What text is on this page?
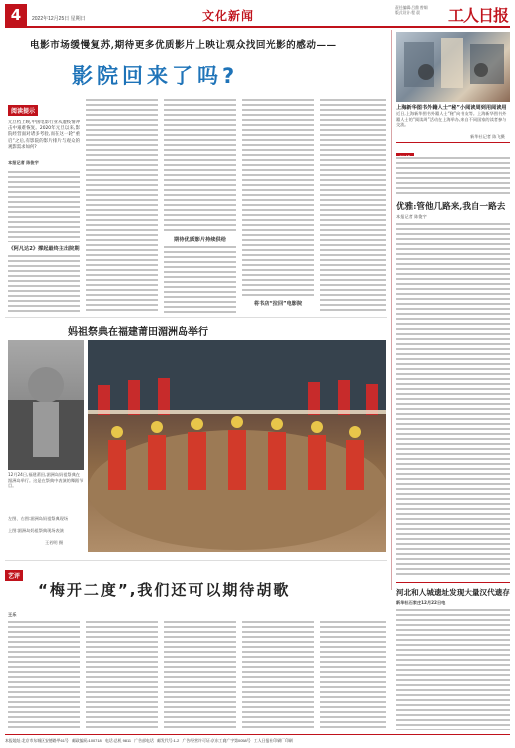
4	2022年12月25日 星期日	文化新闻
责任编辑:吕鼎 曾炯
版式设计:程 晨	工人日报
电影市场缓慢复苏,期待更多优质影片上映让观众找回光影的感动——
影院回来了吗?
阅读提示
元旦档上映,中国电影行业从遭疫情冲击中艰难恢复。2020年元旦以来,影院经营面对诸多考验,而在这一轮“重启”之后,有影院的影片排片与观众的观影需求如何?
本报记者 陈俊宇
《阿凡达2》撑起最终主出院期
期待优质影片持续供给
将书店“拉回”电影院
上海新华图书外籍人士“秘”小阅读周到用阅读用
近日,上海新华图书外籍人士“秘”向书友等。上海新华图书外籍人士的“阅读周”活动在上海举办,来自不同国家的读者参与交流。
新华社记者 陈飞摄
优雅:管他几路来,我自一路去
本报记者 陈俊宇
妈祖祭典在福建莆田湄洲岛举行
12月24日,福建莆田,湄洲岛妈祖祭典在湄洲岛举行。这是在祭典中表演的舞蹈节目。
左图、右图:湄洲岛妈祖祭典现场
上图:湄洲岛妈祖祭典现场表演
王若明 摄
艺评
“梅开二度”,我们还可以期待胡歌
王乐
河北和人城遗址发现大量汉代遗存
新华社石家庄12月22日电
本报地址:北京市东城区安德路甲61号 邮政编码:100718 电话:总机 9811 广告部电话 邮发代号:1-2 广告经营许可证:京东工商广字第0058号 工人日报社印刷厂印刷
